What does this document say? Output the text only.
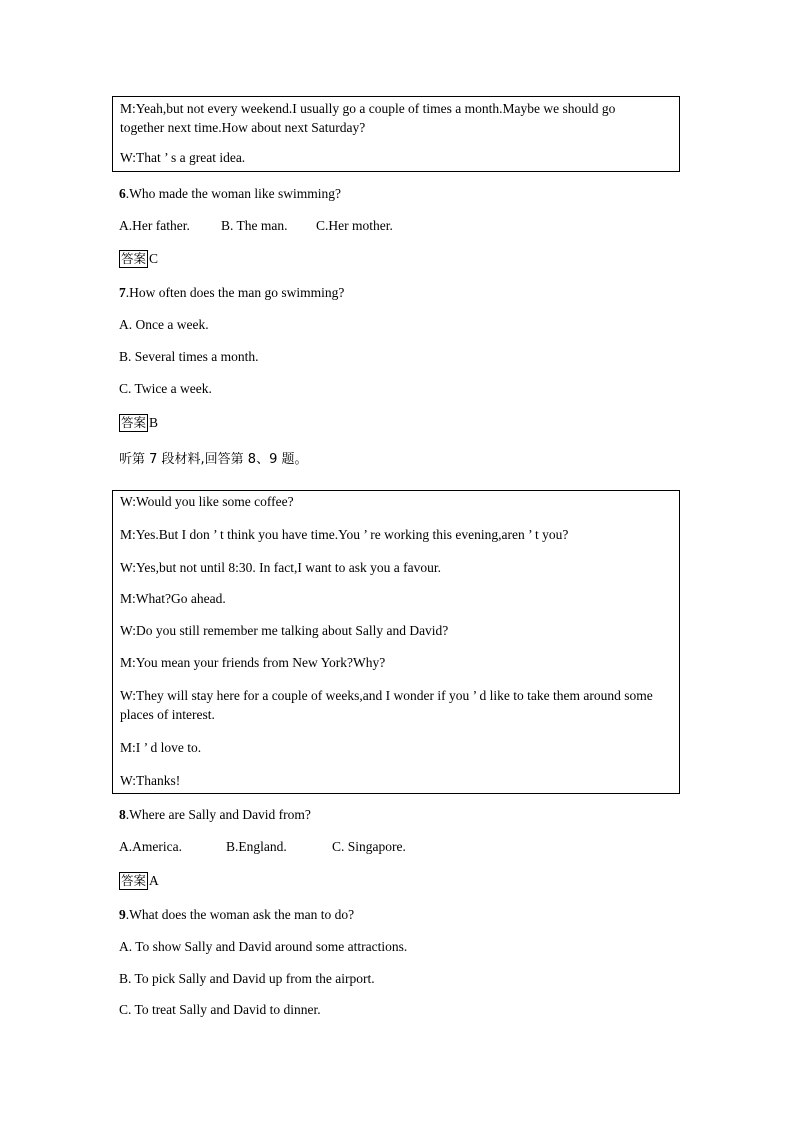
M:Yeah,but not every weekend.I usually go a couple of times a month.Maybe we should go together next time.How about next Saturday?
W:That ’ s a great idea.
6.Who made the woman like swimming?
A.Her father. B. The man. C.Her mother.
答案 C
7.How often does the man go swimming?
A. Once a week.
B. Several times a month.
C. Twice a week.
答案 B
听第 7 段材料,回答第 8、9 题。
W:Would you like some coffee?
M:Yes.But I don ’ t think you have time.You ’ re working this evening,aren ’ t you?
W:Yes,but not until 8:30. In fact,I want to ask you a favour.
M:What?Go ahead.
W:Do you still remember me talking about Sally and David?
M:You mean your friends from New York?Why?
W:They will stay here for a couple of weeks,and I wonder if you ’ d like to take them around some places of interest.
M:I ’ d love to.
W:Thanks!
8.Where are Sally and David from?
A.America.	B.England.	C. Singapore.
答案 A
9.What does the woman ask the man to do?
A. To show Sally and David around some attractions.
B. To pick Sally and David up from the airport.
C. To treat Sally and David to dinner.
